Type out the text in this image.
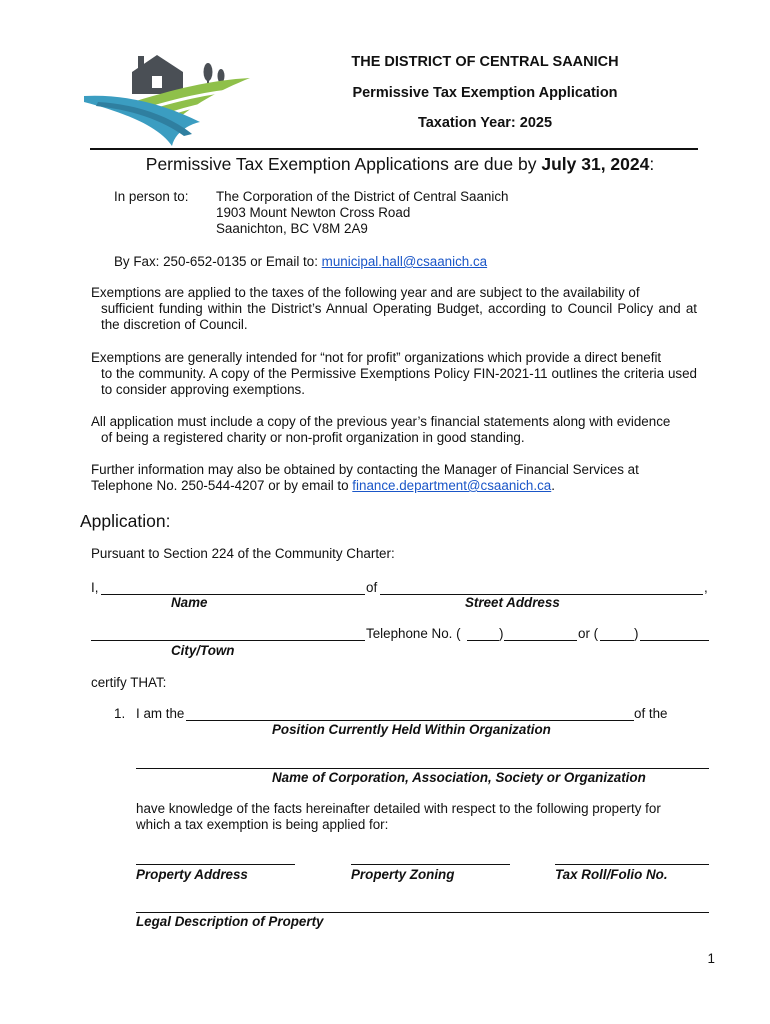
THE DISTRICT OF CENTRAL SAANICH
Permissive Tax Exemption Application
Taxation Year: 2025
Permissive Tax Exemption Applications are due by July 31, 2024:
In person to: The Corporation of the District of Central Saanich
1903 Mount Newton Cross Road
Saanichton, BC V8M 2A9
By Fax: 250-652-0135 or Email to: municipal.hall@csaanich.ca
Exemptions are applied to the taxes of the following year and are subject to the availability of
sufficient funding within the District’s Annual Operating Budget, according to Council Policy and at the discretion of Council.
Exemptions are generally intended for “not for profit” organizations which provide a direct benefit
to the community. A copy of the Permissive Exemptions Policy FIN-2021-11 outlines the criteria used to consider approving exemptions.
All application must include a copy of the previous year’s financial statements along with evidence
of being a registered charity or non-profit organization in good standing.
Further information may also be obtained by contacting the Manager of Financial Services at
Telephone No. 250-544-4207 or by email to finance.department@csaanich.ca.
Application:
Pursuant to Section 224 of the Community Charter:
I,	of	,
Name	Street Address
Telephone No. (	)	or (	)
City/Town
certify THAT:
1. I am the	of the
Position Currently Held Within Organization
Name of Corporation, Association, Society or Organization
have knowledge of the facts hereinafter detailed with respect to the following property for
which a tax exemption is being applied for:
Property Address	Property Zoning	Tax Roll/Folio No.
Legal Description of Property
1
